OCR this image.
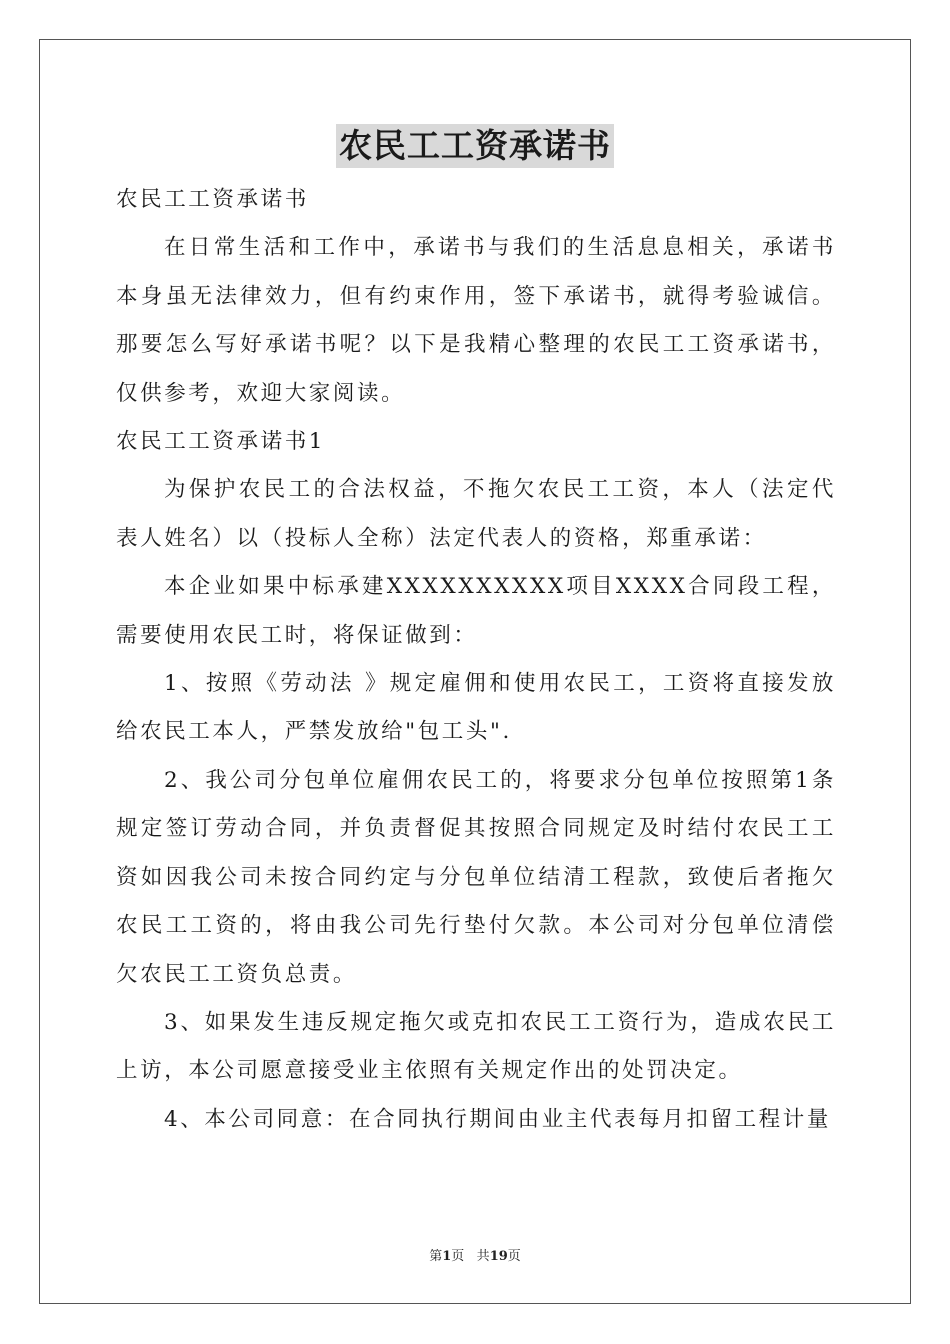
农民工工资承诺书

农民工工资承诺书

在日常生活和工作中，承诺书与我们的生活息息相关，承诺书本身虽无法律效力，但有约束作用，签下承诺书，就得考验诚信。那要怎么写好承诺书呢？以下是我精心整理的农民工工资承诺书，仅供参考，欢迎大家阅读。

农民工工资承诺书1

为保护农民工的合法权益，不拖欠农民工工资，本人（法定代表人姓名）以（投标人全称）法定代表人的资格，郑重承诺：

本企业如果中标承建XXXXXXXXXX项目XXXX合同段工程，需要使用农民工时，将保证做到：

1、按照《劳动法 》规定雇佣和使用农民工，工资将直接发放给农民工本人，严禁发放给"包工头".

2、我公司分包单位雇佣农民工的，将要求分包单位按照第1条规定签订劳动合同，并负责督促其按照合同规定及时结付农民工工资如因我公司未按合同约定与分包单位结清工程款，致使后者拖欠农民工工资的，将由我公司先行垫付欠款。本公司对分包单位清偿欠农民工工资负总责。

3、如果发生违反规定拖欠或克扣农民工工资行为，造成农民工上访，本公司愿意接受业主依照有关规定作出的处罚决定。

4、本公司同意：在合同执行期间由业主代表每月扣留工程计量

第1页 共19页
